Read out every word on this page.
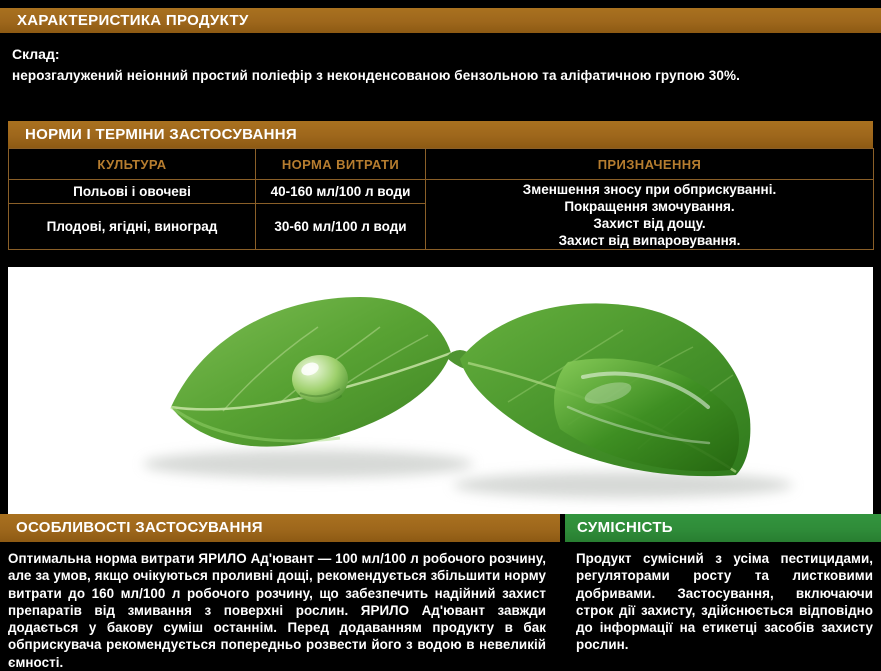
ХАРАКТЕРИСТИКА ПРОДУКТУ
Склад:

нерозгалужений неіонний простий поліефір з неконденсованою бензольною та аліфатичною групою 30%.

НОРМИ І ТЕРМІНИ ЗАСТОСУВАННЯ
КУЛЬТУРА	НОРМА ВИТРАТИ	ПРИЗНАЧЕННЯ
Польові і овочеві	40-160 мл/100 л води	Зменшення зносу при обприскуванні.
Покращення змочування.
Захист від дощу.
Захист від випаровування.

Плодові, ягідні, виноград	30-60 мл/100 л води	
ОСОБЛИВОСТІ ЗАСТОСУВАННЯ

Оптимальна норма витрати ЯРИЛО Ад'ювант — 100 мл/100 л робочого розчину, але за умов, якщо очікуються проливні дощі, рекомендується збільшити норму витрати до 160 мл/100 л робочого розчину, що забезпечить надійний захист препаратів від змивання з поверхні рослин. ЯРИЛО Ад'ювант завжди додається у бакову суміш останнім. Перед додаванням продукту в бак обприскувача рекомендується попередньо розвести його з водою в невеликій ємності.

СУМІСНІСТЬ

Продукт сумісний з усіма пестицидами, регуляторами росту та листковими добривами. Застосування, включаючи строк дії захисту, здійснюється відповідно до інформації на етикетці засобів захисту рослин.
